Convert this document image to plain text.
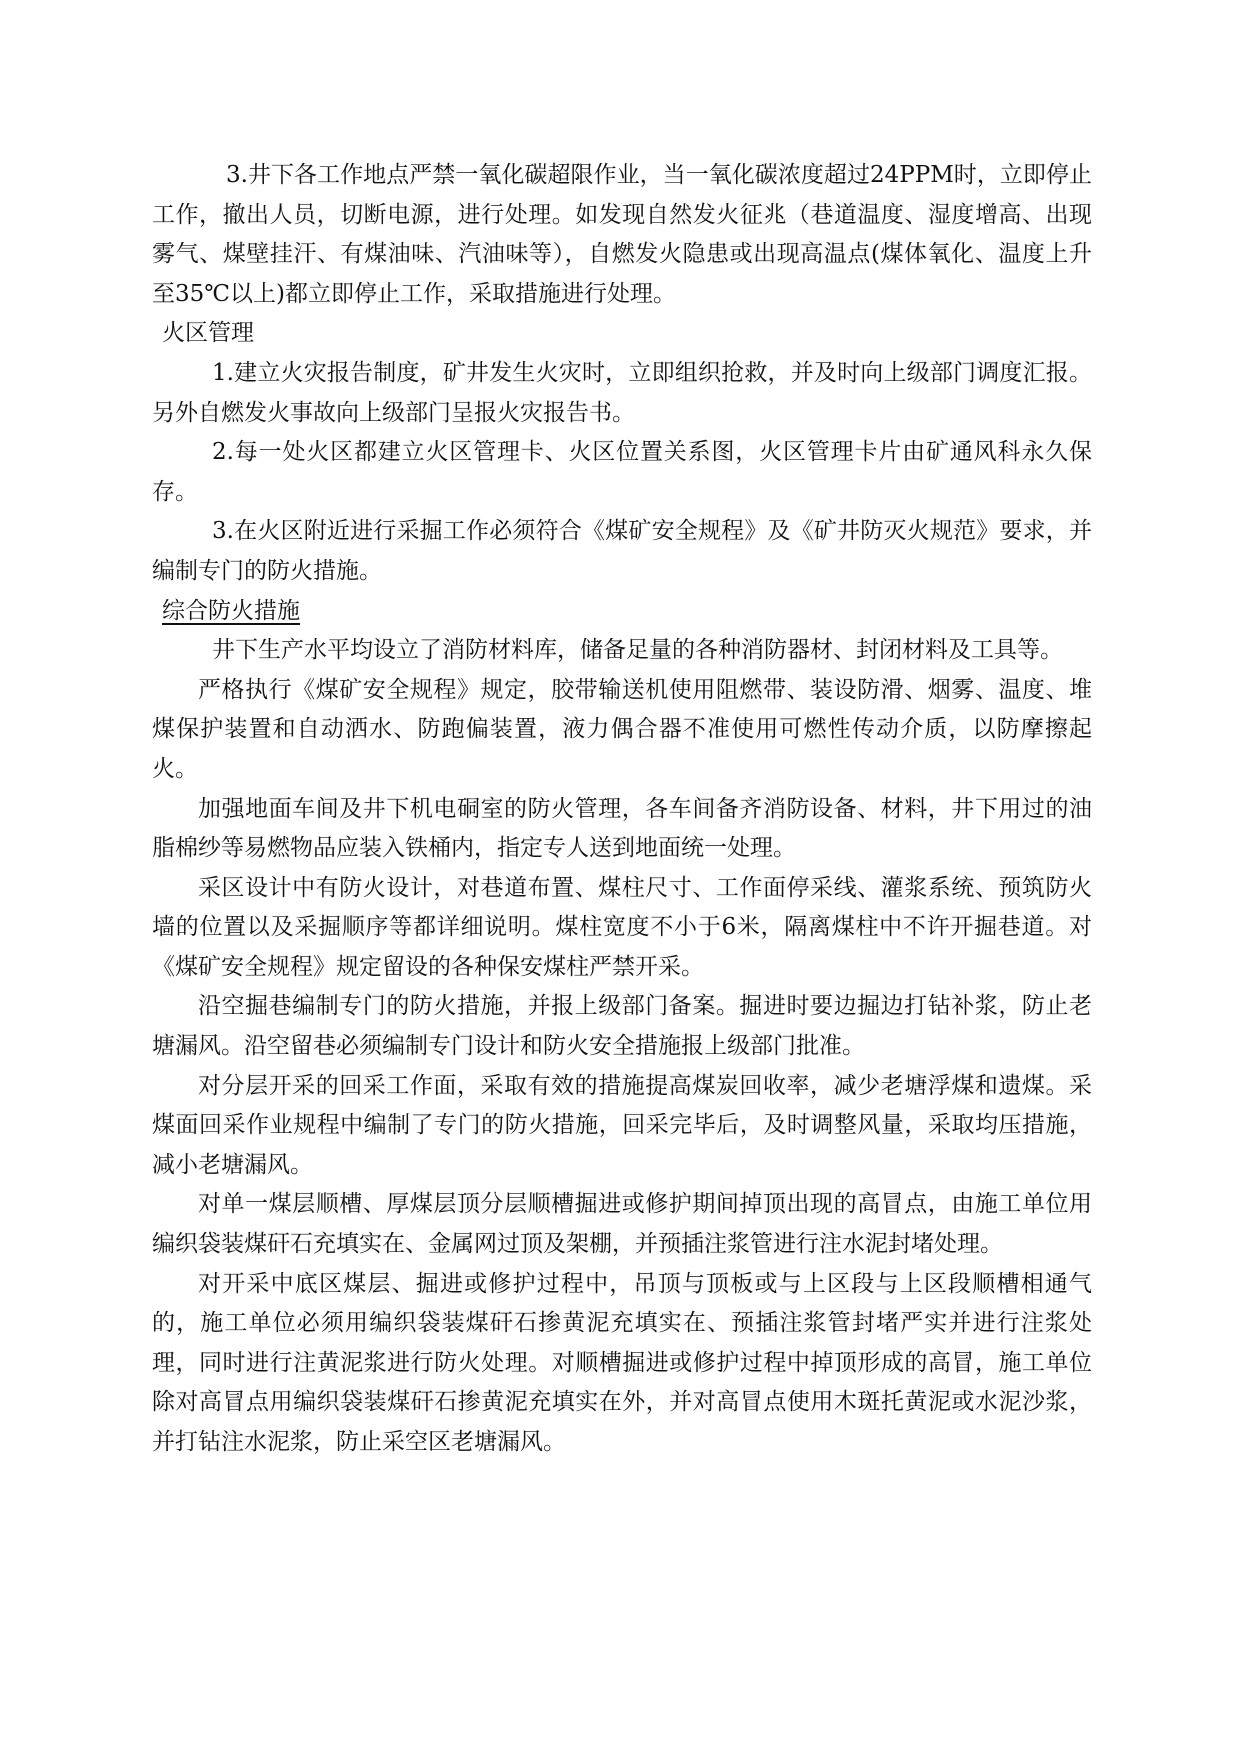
3.井下各工作地点严禁一氧化碳超限作业，当一氧化碳浓度超过24PPM时，立即停止工作，撤出人员，切断电源，进行处理。如发现自然发火征兆（巷道温度、湿度增高、出现雾气、煤壁挂汗、有煤油味、汽油味等），自燃发火隐患或出现高温点(煤体氧化、温度上升至35℃以上)都立即停止工作，采取措施进行处理。

火区管理

1.建立火灾报告制度，矿井发生火灾时，立即组织抢救，并及时向上级部门调度汇报。另外自燃发火事故向上级部门呈报火灾报告书。

2.每一处火区都建立火区管理卡、火区位置关系图，火区管理卡片由矿通风科永久保存。

3.在火区附近进行采掘工作必须符合《煤矿安全规程》及《矿井防灭火规范》要求，并编制专门的防火措施。

综合防火措施

井下生产水平均设立了消防材料库，储备足量的各种消防器材、封闭材料及工具等。

严格执行《煤矿安全规程》规定，胶带输送机使用阻燃带、装设防滑、烟雾、温度、堆煤保护装置和自动洒水、防跑偏装置，液力偶合器不准使用可燃性传动介质，以防摩擦起火。

加强地面车间及井下机电硐室的防火管理，各车间备齐消防设备、材料，井下用过的油脂棉纱等易燃物品应装入铁桶内，指定专人送到地面统一处理。

采区设计中有防火设计，对巷道布置、煤柱尺寸、工作面停采线、灌浆系统、预筑防火墙的位置以及采掘顺序等都详细说明。煤柱宽度不小于6米，隔离煤柱中不许开掘巷道。对《煤矿安全规程》规定留设的各种保安煤柱严禁开采。

沿空掘巷编制专门的防火措施，并报上级部门备案。掘进时要边掘边打钻补浆，防止老塘漏风。沿空留巷必须编制专门设计和防火安全措施报上级部门批准。

对分层开采的回采工作面，采取有效的措施提高煤炭回收率，减少老塘浮煤和遗煤。采煤面回采作业规程中编制了专门的防火措施，回采完毕后，及时调整风量，采取均压措施，减小老塘漏风。

对单一煤层顺槽、厚煤层顶分层顺槽掘进或修护期间掉顶出现的高冒点，由施工单位用编织袋装煤矸石充填实在、金属网过顶及架棚，并预插注浆管进行注水泥封堵处理。

对开采中底区煤层、掘进或修护过程中，吊顶与顶板或与上区段与上区段顺槽相通气的，施工单位必须用编织袋装煤矸石掺黄泥充填实在、预插注浆管封堵严实并进行注浆处理，同时进行注黄泥浆进行防火处理。对顺槽掘进或修护过程中掉顶形成的高冒，施工单位除对高冒点用编织袋装煤矸石掺黄泥充填实在外，并对高冒点使用木斑托黄泥或水泥沙浆，并打钻注水泥浆，防止采空区老塘漏风。
